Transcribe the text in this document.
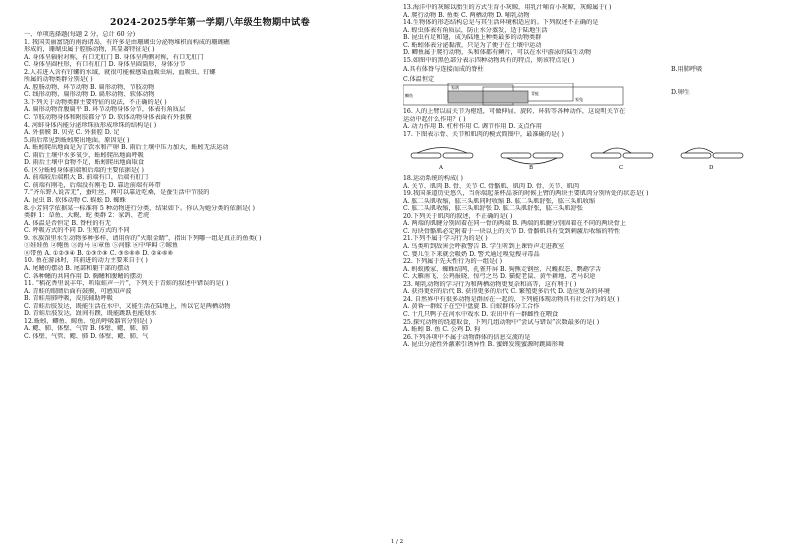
2024-2025学年第一学期八年级生物期中试卷
一、单项选择题(每题 2 分，总计 60 分)
1. 我国美丽富饶的南海诸岛，有许多是由珊瑚虫分泌物堆积而构成的珊瑚礁
形成的，珊瑚虫属于腔肠动物，其显著特征是( )
A. 身体呈辐射对称，有口无肛门 B. 身体呈两侧对称，有口无肛门
C. 身体呈圆柱形，有口有肛门 D. 身体呈圆筒形，身体分节
2.人若进入含有钉螺的水域，就很可能被感染血吸虫病，血吸虫、钉螺
所属的动物类群分别是( )
A. 腔肠动物、环节动物 B. 扁形动物、节肢动物
C. 线形动物、扁形动物 D. 扁形动物、软体动物
3.下列关于动物类群主要特征的说法，不正确的是( )
A. 扁形动物背腹扁平 B. 环节动物身体分节，体表有角质层
C. 节肢动物身体和附肢都分节 D. 软体动物身体表面有外套膜
4. 河蚌身体内能分泌珍珠质形成珍珠的结构是( )
A. 外套膜 B. 贝壳 C. 外套腔 D. 足
5.雨后常见到蚯蚓爬出地面，原因是( )
A. 蚯蚓爬出地面是为了饮水和产卵 B. 雨后土壤中压力加大，蚯蚓无法运动
C. 雨后土壤中水多氧少，蚯蚓爬出地面呼吸
D. 雨后土壤中食物不足，蚯蚓爬出地面取食
6. 区分蚯蚓身体前端和后端的主要依据是( )
A. 前端较后端粗大 B. 前端有口，后端有肛门
C. 前端有刚毛，后端没有刚毛 D. 靠近前端有环带
7.“齐东野人说苦无”，蚕吐丝，网可以靠近吃桑，是蚕生活中节肢的
A. 昆虫 B. 软体动物 C. 蜈蚣 D. 蜘蛛
8.小芳同学依据某一标准将 5 种动物进行分类，结果如下。你认为她分类的依据是( )
类群 1：草鱼、大鲵、蛇 类群 2：家鸽、老虎
A. 体温是否恒定 B. 脊柱的有无
C. 呼吸方式的不同 D. 生殖方式的不同
9. 水族馆里水生动物多种多样，请用你的“火眼金睛”，指出下列哪一组是真正的鱼类( )
①娃娃鱼 ②鲍鱼 ③海马 ④章鱼 ⑤河豚 ⑥中华鲟 ⑦鲸鱼
⑧带鱼 A. ①②③④ B. ①③⑦⑧ C. ③⑤⑥⑧ D. ②④⑥⑧
10. 鱼在游泳时，其前进的动力主要来自于( )
A. 尾鳍的摆动 B. 尾部和躯干部的摆动
C. 各种鳍的共同作用 D. 胸鳍和腹鳍的摆动
11. “稻花香里说丰年，听取蛙声一片”，下列关于青蛙的叙述中错误的是( )
A. 青蛙的眼睛后面有鼓膜，可感知声波
B. 青蛙用肺呼吸，皮肤辅助呼吸
C. 青蛙后肢发达，既能生活在水中，又能生活在陆地上，所以它是两栖动物
D. 青蛙后肢发达，趾间有蹼，既能跳跃也能划水
12.蚯蚓、鲫鱼、鲸鱼、兔的呼吸器官分别是( )
A. 鳃、肺、体壁、气管 B. 体壁、鳃、肺、肺
C. 体壁、气管、鳃、肺 D. 体壁、鳃、肺、气
13.海洋中的灰鲸以胎生的方式生育小灰鲸，用乳汁哺育小灰鲸，灰鲸属于( )
A. 爬行动物 B. 鱼类 C. 两栖动物 D. 哺乳动物
14.生物体的形态结构总是与其生活环境相适应的。下列叙述不正确的是
A. 蝗虫体表有角质层，防止水分蒸发，适于陆地生活
B. 昆虫有足和翅，成为陆地上种类最多的动物类群
C. 蚯蚓体表分泌黏液，只是为了便于在土壤中运动
D. 鲫鱼属于爬行动物，头和体都有鳞片，可以在水中游泳的陆生动物
15.如图中的黑色部分表示四种动物共有的特点，则该特点是( )
A.具有体脊与连接而成的脊柱
C.体温恒定
B.用肺呼吸
鲫鱼
家鸽
青蛙
家兔
D.卵生
16. 人的上臂以肩关节为枢纽，可做伸屈、旋转、环转等各种动作，这说明关节在
运动中起什么作用？( )
A. 动力作用 B. 杠杆作用 C. 调节作用 D. 支点作用
17. 下图表示骨、关节和肌肉的模式简图中，最准确的是( )
A	B	C	D
18.运动系统的构成( )
A. 关节、肌肉 B. 骨、关节 C. 骨骼肌、肌肉 D. 骨、关节、肌肉
19.我国茶道历史悠久，当你端起茶杯品茶的时候上臂的两块主要肌肉分别所处的状态是( )
A. 肱二头肌收缩，肱三头肌同时收缩 B. 肱二头肌舒张，肱三头肌收缩
C. 肱二头肌收缩，肱三头肌舒张 D. 肱二头肌舒张，肱三头肌舒张
20.下列关于肌肉的叙述，不正确的是( )
A. 两端的肌腱分别固着在同一骨的两端 B. 两端的肌腱分别固着在不同的两块骨上
C. 每块骨骼肌必定附着于一块以上的关节 D. 骨骼肌具有受到刺激后收缩的特性
21.下列不属于学习行为的是( )
A. 鸟类听到敌害会呼救警告 B. 学生听到上课铃声走进教室
C. 婴儿生下来就会吸奶 D. 警犬通过嗅觉搜寻毒品
22. 下列属于先天性行为的一组是( )
A. 蚂蚁搬家、蜘蛛结网、孔雀开屏 B. 狗熊走钢丝、尺蠖拟态、鹦鹉学舌
C. 大雁南飞、公鸡报晓、惊弓之鸟 D. 猫捉老鼠、黄牛耕地、老马识途
23. 哺乳动物的学习行为和两栖动物更复杂和高等，这有利于( )
A. 获得更好的后代 B. 获得更多的后代 C. 繁殖更多后代 D. 适应复杂的环境
24. 自然界中有很多动物是群居在一起的，下列能体现动物具有社会行为的是( )
A. 黄昏一群蚊子在空中盘旋 B. 白蚁群体分工合作
C. 十几只鸭子在河水中戏水 D. 农田中有一群雌性在喂食
25.探究动物的绕道取食，下列几组动物中“尝试与错误”次数最多的是( )
A. 蚯蚓 B. 鱼 C. 公鸡 D. 狗
26.下列各项中不属于动物群体的信息交流的是
A. 昆虫分泌性外激素引诱异性 B. 蜜蜂发现蜜源时跳圆形舞
1 / 2
